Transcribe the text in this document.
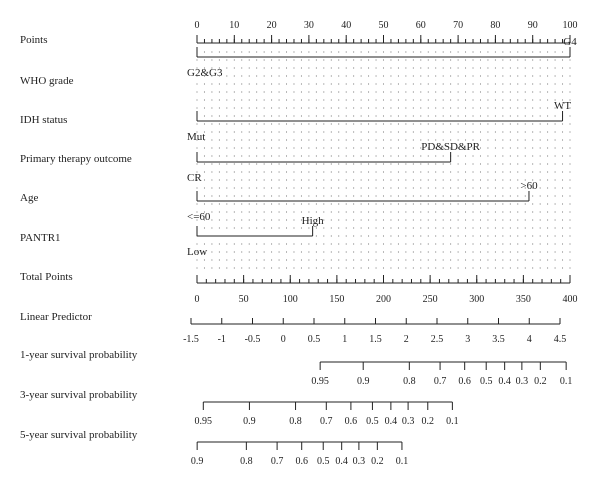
Points
0	10	20	30	40	50	60	70	80	90 100
WHO grade
G2&G3
G4
IDH status
Mut
WT
Primary therapy outcome
CR
PD&SD&PR
Age
<=60
>60
PANTR1
Low
High
Total Points
0	50	100	150	200	250	300	350	400
Linear Predictor
-1.5 -1 -0.5 0 0.5 1 1.5 2 2.5 3 3.5 4 4.5
1-year survival probability
0.95	0.9	0.8 0.7 0.6 0.5 0.4 0.3 0.2 0.1
3-year survival probability
0.95	0.9	0.8 0.7 0.6 0.5 0.4 0.3 0.2 0.1
5-year survival probability
0.9	0.8 0.7 0.6 0.5 0.4 0.3 0.2 0.1
